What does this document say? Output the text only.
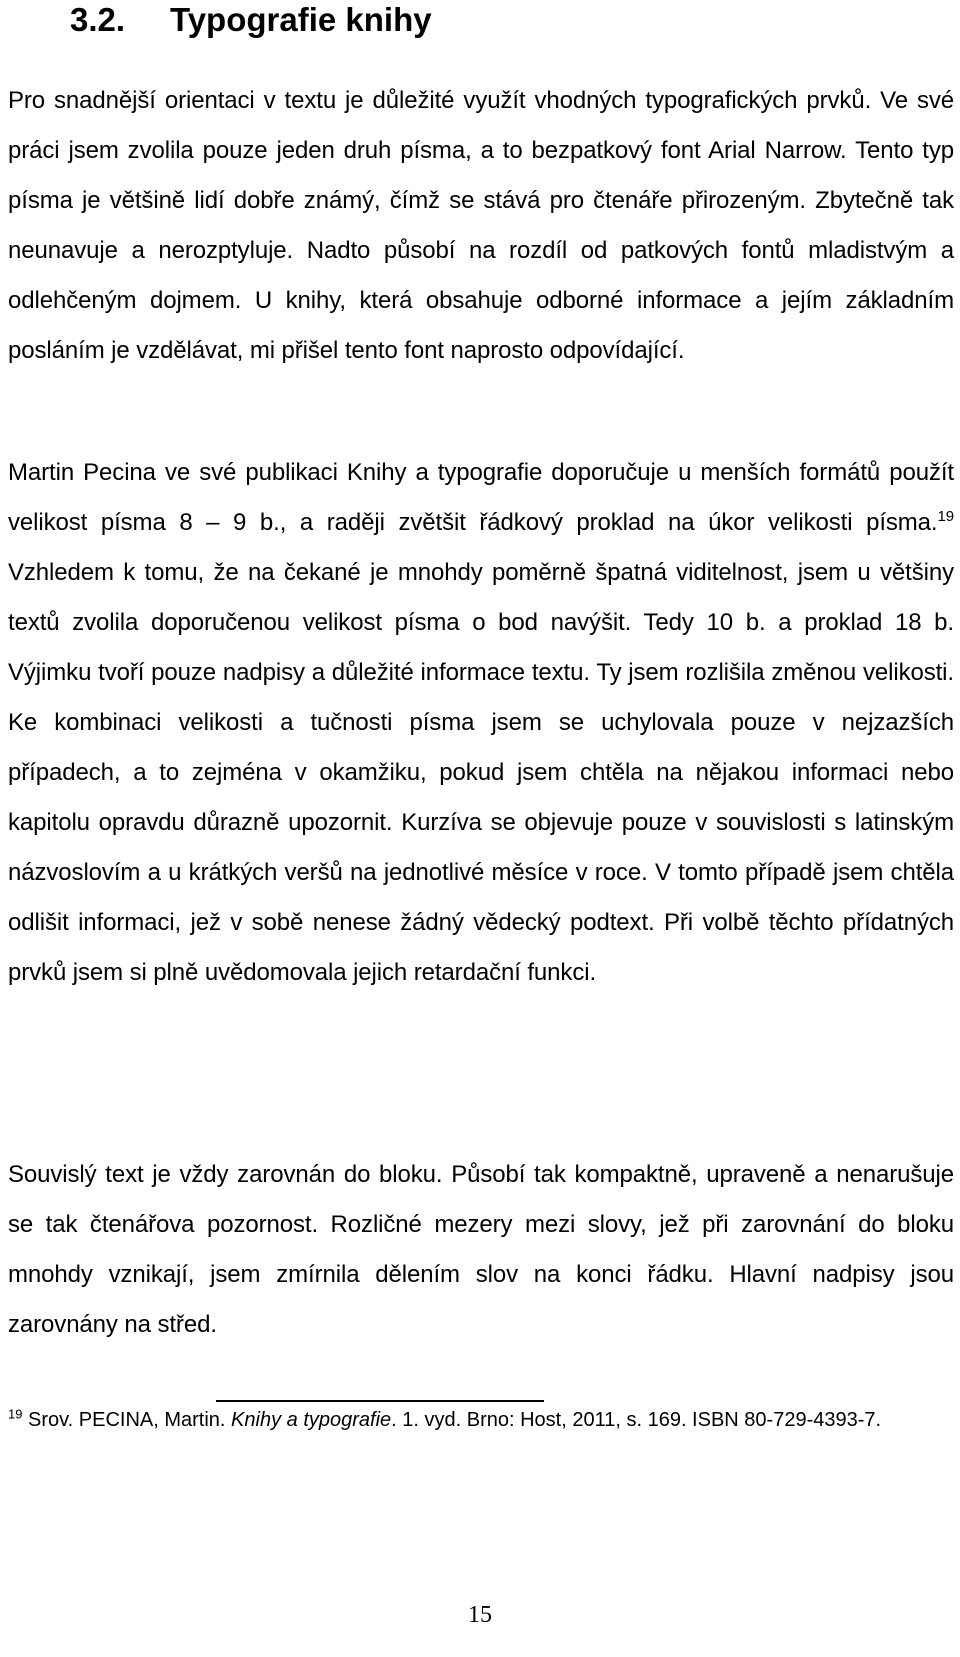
3.2. Typografie knihy

Pro snadnější orientaci v textu je důležité využít vhodných typografických prvků. Ve své práci jsem zvolila pouze jeden druh písma, a to bezpatkový font Arial Narrow. Tento typ písma je většině lidí dobře známý, čímž se stává pro čtenáře přirozeným. Zbytečně tak neunavuje a nerozptyluje. Nadto působí na rozdíl od patkových fontů mladistvým a odlehčeným dojmem. U knihy, která obsahuje odborné informace a jejím základním posláním je vzdělávat, mi přišel tento font naprosto odpovídající.

Martin Pecina ve své publikaci Knihy a typografie doporučuje u menších formátů použít velikost písma 8 – 9 b., a raději zvětšit řádkový proklad na úkor velikosti písma.$^{19}$ Vzhledem k tomu, že na čekané je mnohdy poměrně špatná viditelnost, jsem u většiny textů zvolila doporučenou velikost písma o bod navýšit. Tedy 10 b. a proklad 18 b. Výjimku tvoří pouze nadpisy a důležité informace textu. Ty jsem rozlišila změnou velikosti. Ke kombinaci velikosti a tučnosti písma jsem se uchylovala pouze v nejzazších případech, a to zejména v okamžiku, pokud jsem chtěla na nějakou informaci nebo kapitolu opravdu důrazně upozornit. Kurzíva se objevuje pouze v souvislosti s latinským názvoslovím a u krátkých veršů na jednotlivé měsíce v roce. V tomto případě jsem chtěla odlišit informaci, jež v sobě nenese žádný vědecký podtext. Při volbě těchto přídatných prvků jsem si plně uvědomovala jejich retardační funkci.

Souvislý text je vždy zarovnán do bloku. Působí tak kompaktně, upraveně a nenarušuje se tak čtenářova pozornost. Rozličné mezery mezi slovy, jež při zarovnání do bloku mnohdy vznikají, jsem zmírnila dělením slov na konci řádku. Hlavní nadpisy jsou zarovnány na střed.

$^{19}$ Srov. PECINA, Martin. Knihy a typografie. 1. vyd. Brno: Host, 2011, s. 169. ISBN 80-729-4393-7.

15
